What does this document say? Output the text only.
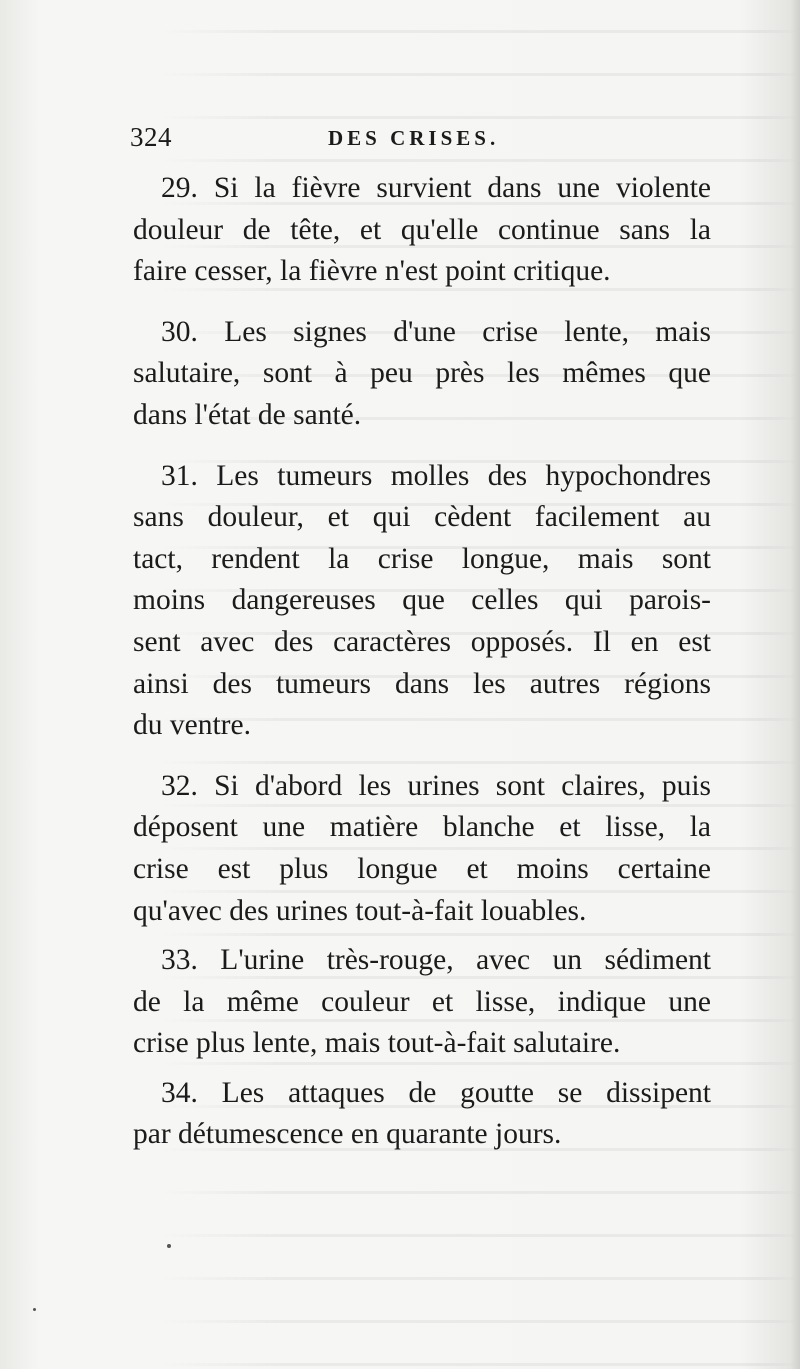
324	DES CRISES.

29. Si la fièvre survient dans une violente
douleur de tête, et qu'elle continue sans la
faire cesser, la fièvre n'est point critique.

30. Les signes d'une crise lente, mais
salutaire, sont à peu près les mêmes que
dans l'état de santé.

31. Les tumeurs molles des hypochondres
sans douleur, et qui cèdent facilement au
tact, rendent la crise longue, mais sont
moins dangereuses que celles qui parois-
sent avec des caractères opposés. Il en est
ainsi des tumeurs dans les autres régions
du ventre.

32. Si d'abord les urines sont claires, puis
déposent une matière blanche et lisse, la
crise est plus longue et moins certaine
qu'avec des urines tout-à-fait louables.

33. L'urine très-rouge, avec un sédiment
de la même couleur et lisse, indique une
crise plus lente, mais tout-à-fait salutaire.

34. Les attaques de goutte se dissipent
par détumescence en quarante jours.
